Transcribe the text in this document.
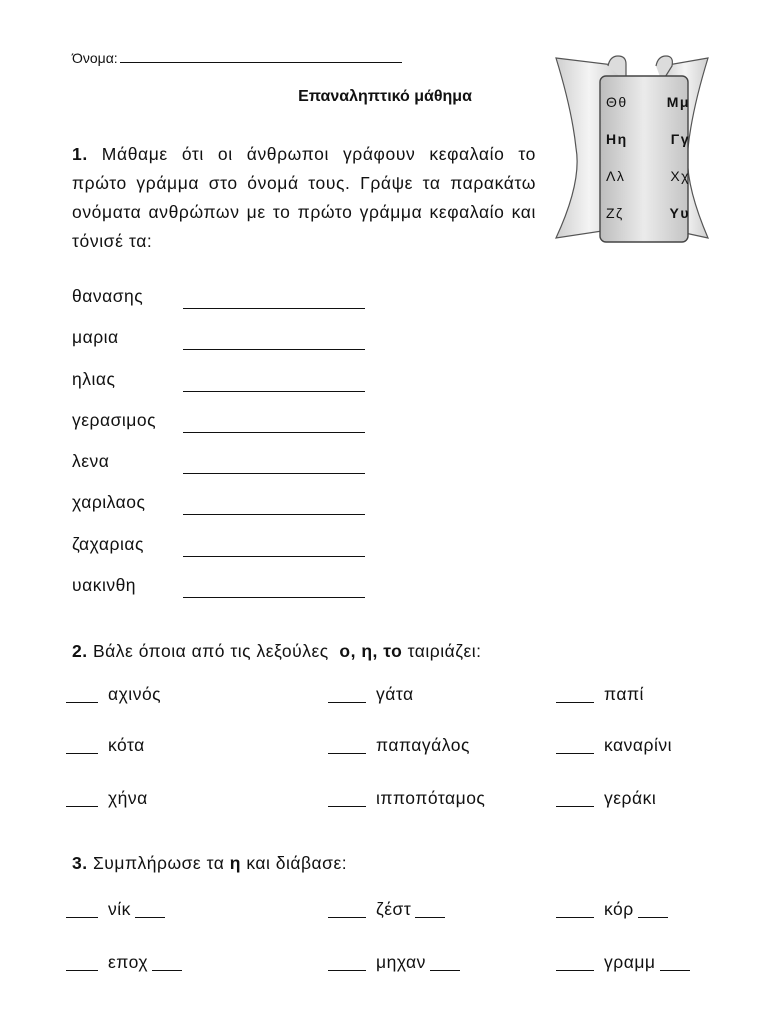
Όνομα:
Επαναληπτικό μάθημα	Θθ	Μμ
Ηη	Γγ
Λλ	Χχ
Ζζ	Υυ
1. Μάθαμε ότι οι άνθρωποι γράφουν κεφαλαίο το πρώτο γράμμα στο όνομά τους. Γράψε τα παρακάτω ονόματα ανθρώπων με το πρώτο γράμμα κεφαλαίο και τόνισέ τα:
θανασης
μαρια
ηλιας
γερασιμος
λενα
χαριλαος
ζαχαριας
υακινθη
2. Βάλε όποια από τις λεξούλες ο, η, το ταιριάζει:
αχινός	γάτα	παπί
κότα	παπαγάλος	καναρίνι
χήνα	ιπποπόταμος	γεράκι
3. Συμπλήρωσε τα η και διάβασε:
νίκ	ζέστ	κόρ
εποχ	μηχαν	γραμμ
